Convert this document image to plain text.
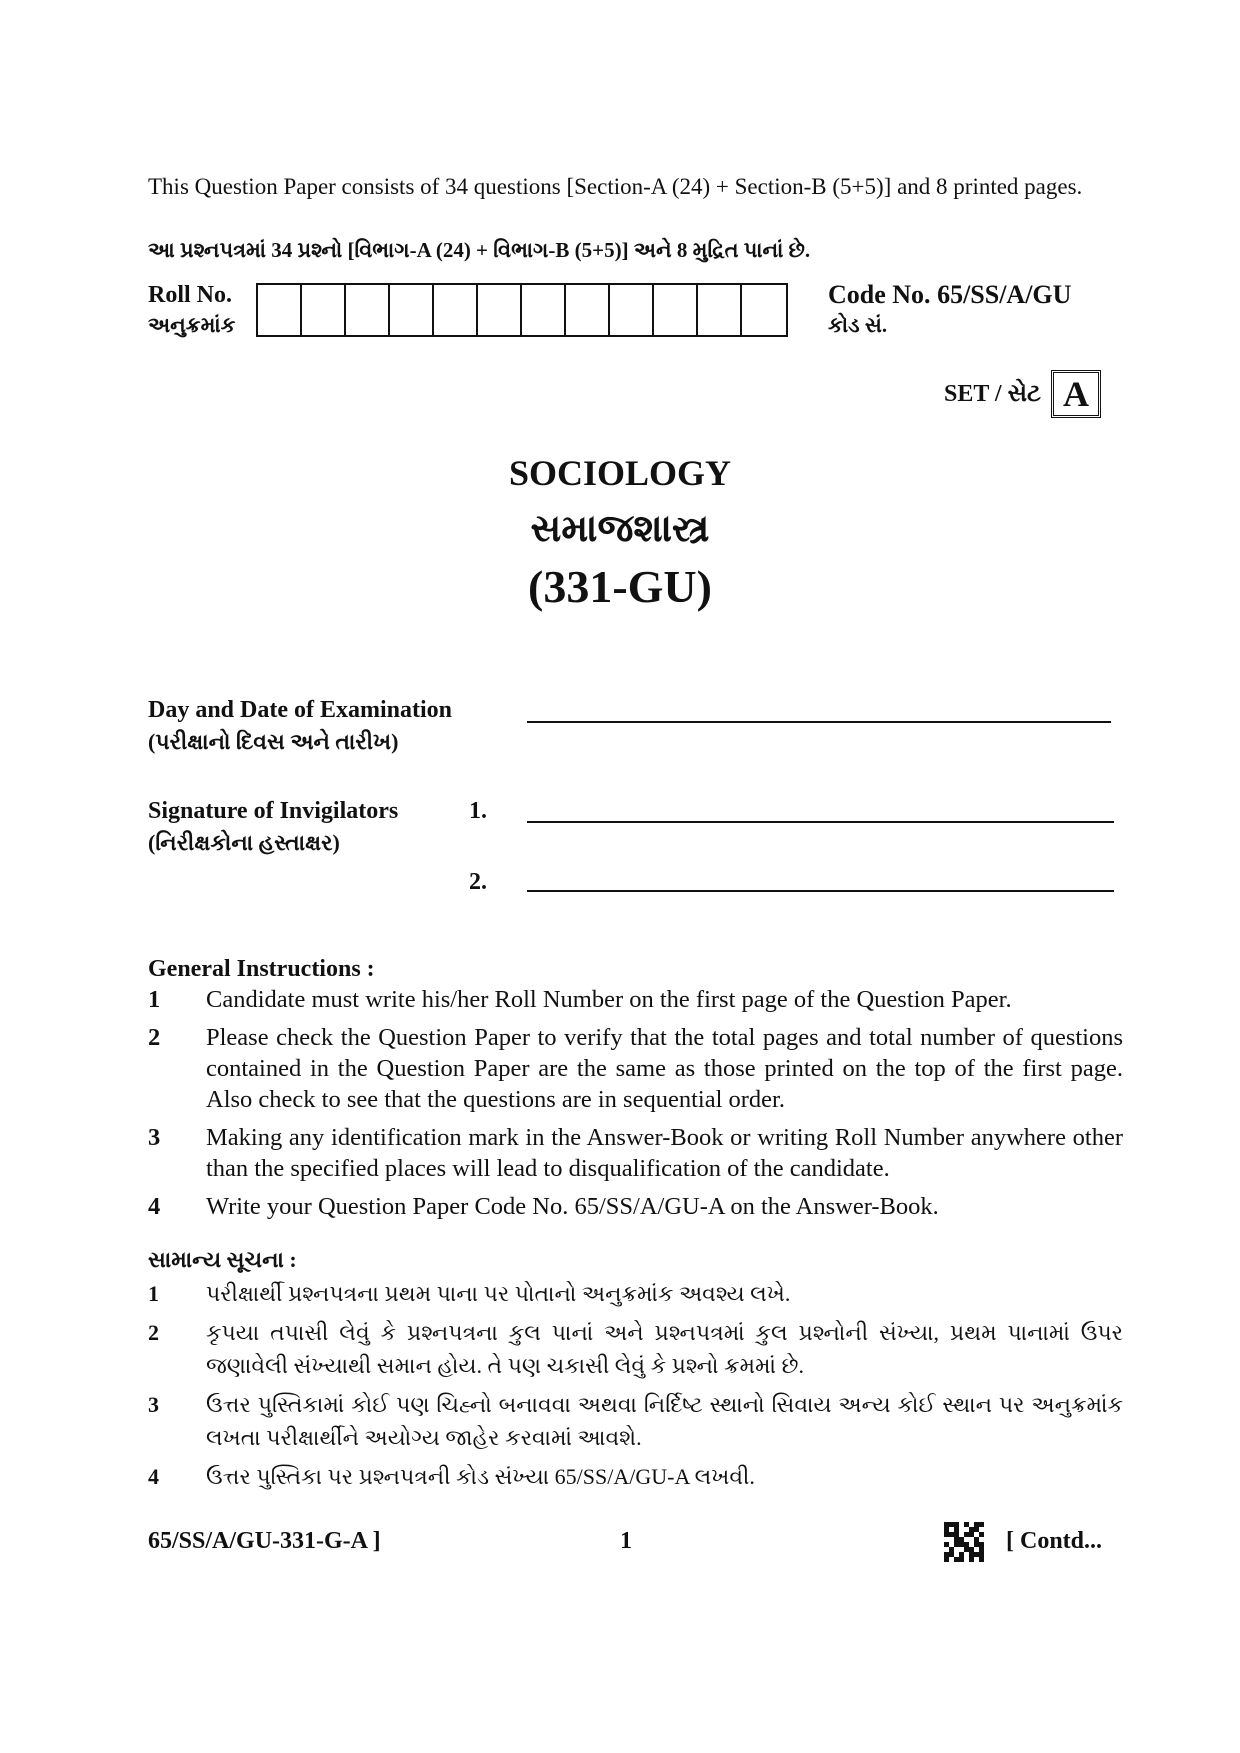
This Question Paper consists of 34 questions [Section-A (24) + Section-B (5+5)] and 8 printed pages.
આ પ્રશ્નપત્રમાં 34 પ્રશ્નો [વિભાગ-A (24) + વિભાગ-B (5+5)] અને 8 મુદ્રિત પાનાં છે.
Roll No.
અનુક્રમાંક
Code No. 65/SS/A/GU
કોડ સં.
SET / સેટ A
SOCIOLOGY
સમાજશાસ્ત્ર
(331-GU)
Day and Date of Examination
(પરીક્ષાનો દિવસ અને તારીખ)
Signature of Invigilators
(નિરીક્ષકોના હસ્તાક્ષર)
1.
2.
General Instructions :
1	Candidate must write his/her Roll Number on the first page of the Question Paper.
2	Please check the Question Paper to verify that the total pages and total number of questions contained in the Question Paper are the same as those printed on the top of the first page. Also check to see that the questions are in sequential order.
3	Making any identification mark in the Answer-Book or writing Roll Number anywhere other than the specified places will lead to disqualification of the candidate.
4	Write your Question Paper Code No. 65/SS/A/GU-A on the Answer-Book.
સામાન્ય સૂચના :
1	પરીક્ષાર્થી પ્રશ્નપત્રના પ્રથમ પાના પર પોતાનો અનુક્રમાંક અવશ્ય લખે.
2	કૃપયા તપાસી લેવું કે પ્રશ્નપત્રના કુલ પાનાં અને પ્રશ્નપત્રમાં કુલ પ્રશ્નોની સંખ્યા, પ્રથમ પાનામાં ઉપર જણાવેલી સંખ્યાથી સમાન હોય. તે પણ ચકાસી લેવું કે પ્રશ્નો ક્રમમાં છે.
3	ઉત્તર પુસ્તિકામાં કોઈ પણ ચિહ્નો બનાવવા અથવા નિર્દિષ્ટ સ્થાનો સિવાય અન્ય કોઈ સ્થાન પર અનુક્રમાંક લખતા પરીક્ષાર્થીને અયોગ્ય જાહેર કરવામાં આવશે.
4	ઉત્તર પુસ્તિકા પર પ્રશ્નપત્રની કોડ સંખ્યા 65/SS/A/GU-A લખવી.
65/SS/A/GU-331-G-A ]	1	[ Contd...
